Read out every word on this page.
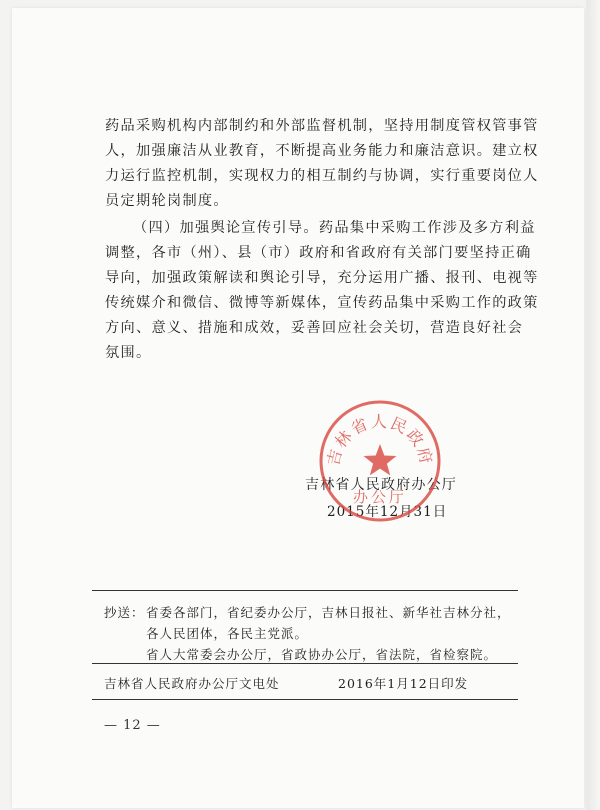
药品采购机构内部制约和外部监督机制，坚持用制度管权管事管
人，加强廉洁从业教育，不断提高业务能力和廉洁意识。建立权
力运行监控机制，实现权力的相互制约与协调，实行重要岗位人
员定期轮岗制度。
（四）加强舆论宣传引导。药品集中采购工作涉及多方利益
调整，各市（州）、县（市）政府和省政府有关部门要坚持正确
导向，加强政策解读和舆论引导，充分运用广播、报刊、电视等
传统媒介和微信、微博等新媒体，宣传药品集中采购工作的政策
方向、意义、措施和成效，妥善回应社会关切，营造良好社会
氛围。
吉林省人民政府办公厅
2015年12月31日
吉林省人民政府
办公厅
抄送： 省委各部门，省纪委办公厅，吉林日报社、新华社吉林分社，
各人民团体，各民主党派。
省人大常委会办公厅，省政协办公厅，省法院，省检察院。
吉林省人民政府办公厅文电处	2016年1月12日印发
— 12 —
